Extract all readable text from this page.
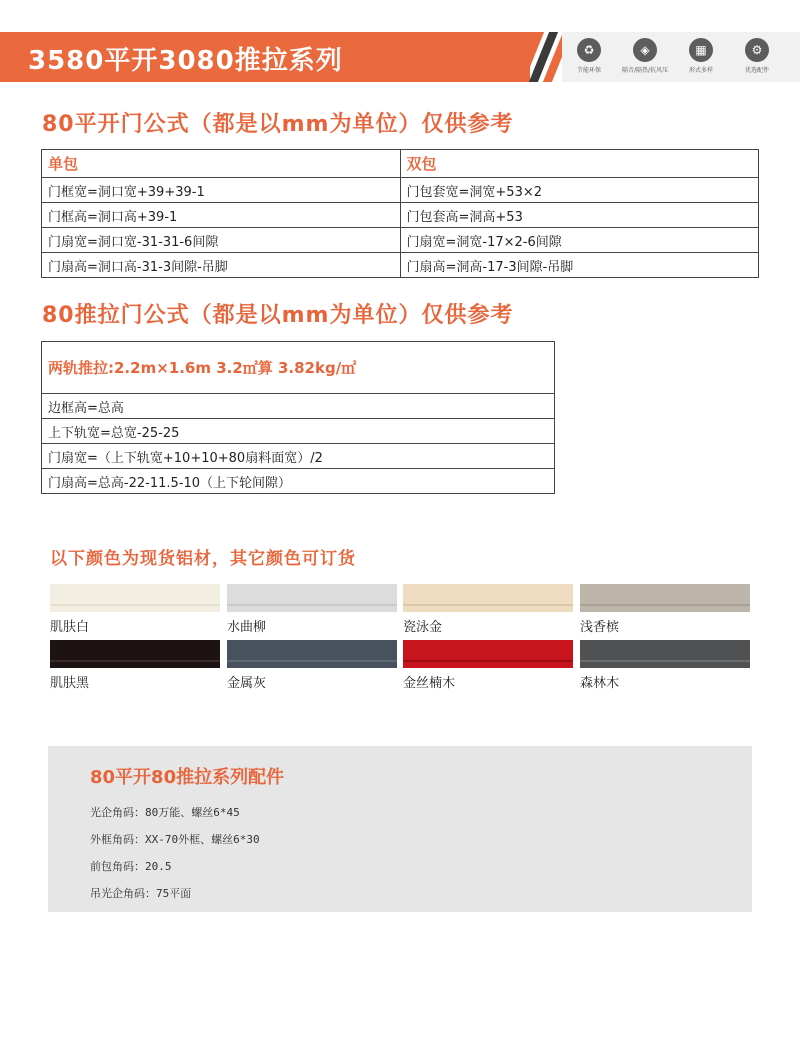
3580平开3080推拉系列	♻
节能环保
◈
隔音/隔热/抗风压
▦
形式多样
⚙
优选配件
80平开门公式（都是以mm为单位）仅供参考
单包	双包
门框宽=洞口宽+39+39-1	门包套宽=洞宽+53×2
门框高=洞口高+39-1	门包套高=洞高+53
门扇宽=洞口宽-31-31-6间隙	门扇宽=洞宽-17×2-6间隙
门扇高=洞口高-31-3间隙-吊脚	门扇高=洞高-17-3间隙-吊脚
80推拉门公式（都是以mm为单位）仅供参考
两轨推拉:2.2m×1.6m 3.2㎡算 3.82kg/㎡
边框高=总高
上下轨宽=总宽-25-25
门扇宽=（上下轨宽+10+10+80扇料面宽）/2
门扇高=总高-22-11.5-10（上下轮间隙）
以下颜色为现货铝材，其它颜色可订货
肌肤白	水曲柳	瓷泳金	浅香槟
肌肤黑	金属灰	金丝楠木	森林木
80平开80推拉系列配件
光企角码：80万能、螺丝6*45
外框角码：XX-70外框、螺丝6*30
前包角码：20.5
吊光企角码：75平面
